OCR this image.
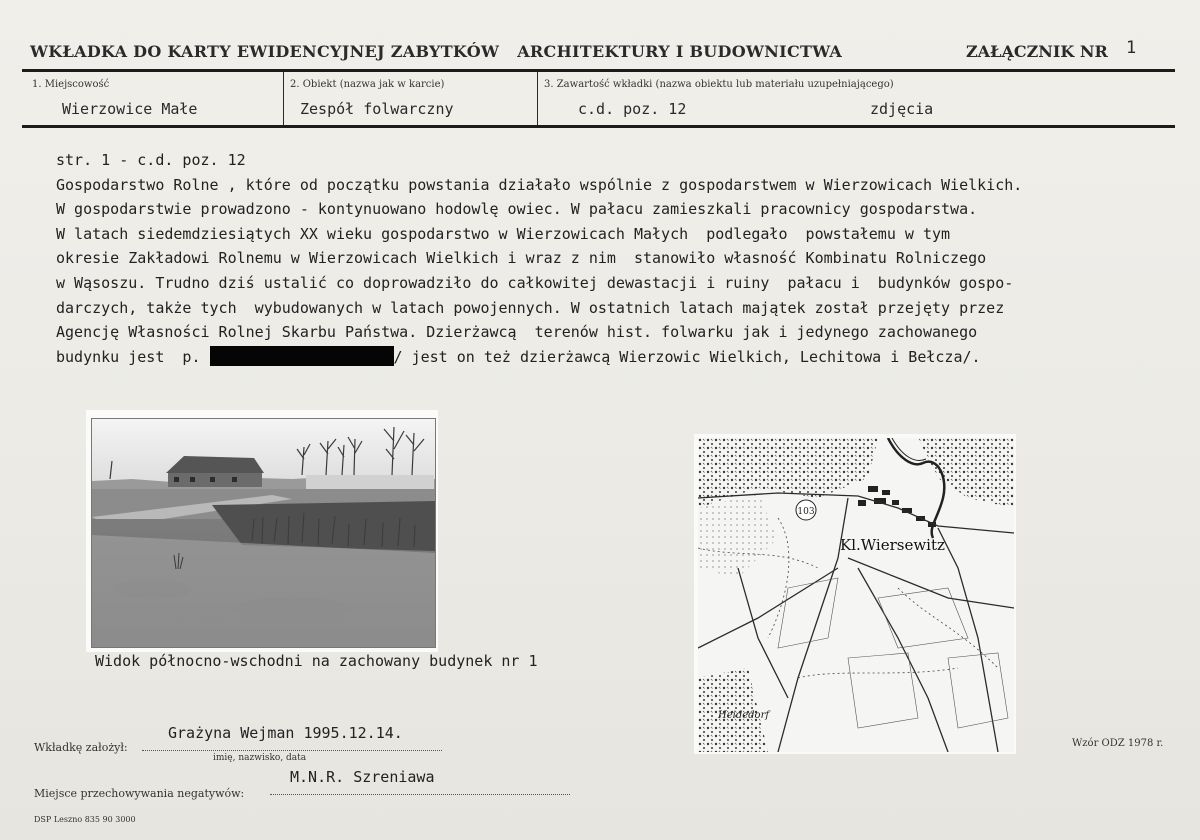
WKŁADKA DO KARTY EWIDENCYJNEJ ZABYTKÓW ARCHITEKTURY I BUDOWNICTWA	ZAŁĄCZNIK NR 1
1. Miejscowość
Wierzowice Małe
2. Obiekt (nazwa jak w karcie)
Zespół folwarczny
3. Zawartość wkładki (nazwa obiektu lub materiału uzupełniającego)
c.d. poz. 12	zdjęcia
str. 1 - c.d. poz. 12
Gospodarstwo Rolne , które od początku powstania działało wspólnie z gospodarstwem w Wierzowicach Wielkich.
W gospodarstwie prowadzono - kontynuowano hodowlę owiec. W pałacu zamieszkali pracownicy gospodarstwa.
W latach siedemdziesiątych XX wieku gospodarstwo w Wierzowicach Małych  podlegało  powstałemu w tym
okresie Zakładowi Rolnemu w Wierzowicach Wielkich i wraz z nim  stanowiło własność Kombinatu Rolniczego
w Wąsoszu. Trudno dziś ustalić co doprowadziło do całkowitej dewastacji i ruiny  pałacu i  budynków gospo-
darczych, także tych  wybudowanych w latach powojennych. W ostatnich latach majątek został przejęty przez
Agencję Własności Rolnej Skarbu Państwa. Dzierżawcą  terenów hist. folwarku jak i jedynego zachowanego
budynku jest  p.	/ jest on też dzierżawcą Wierzowic Wielkich, Lechitowa i Bełcza/.
Widok północno-wschodni na zachowany budynek nr 1
103
Kl.Wiersewitz
Heidedorf
Wkładkę założył:
Grażyna Wejman 1995.12.14.
imię, nazwisko, data
Miejsce przechowywania negatywów:
M.N.R. Szreniawa
Wzór ODZ 1978 r.
DSP Leszno 835 90 3000
